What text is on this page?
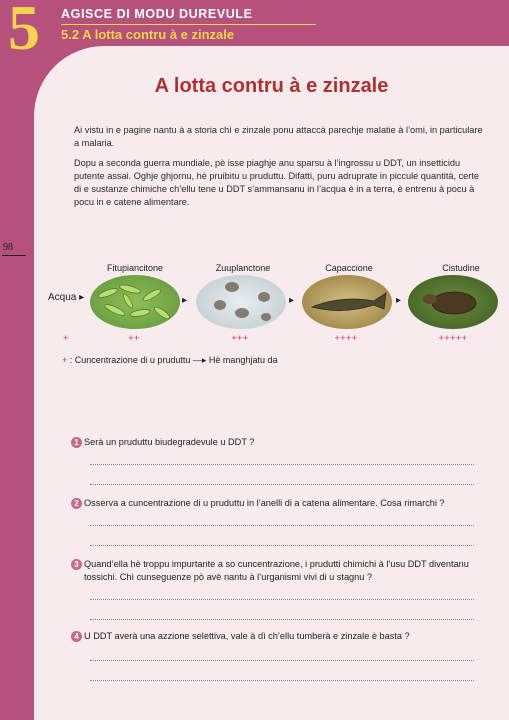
5 AGISCE DI MODU DUREVULE
5.2 A lotta contru à e zinzale
98
A lotta contru à e zinzale
Ai vistu in e pagine nantu à a storia chì e zinzale ponu attaccà parechje malatie à l’omi, in particulare a malaria.
Dopu a seconda guerra mundiale, pè isse piaghje anu sparsu à l’ingrossu u DDT, un insetticidu putente assai. Oghje ghjornu, hè pruibitu u pruduttu. Difatti, puru adruprate in piccule quantità, certe di e sustanze chimiche ch’ellu tene u DDT s’ammansanu in l’acqua è in a terra, è entrenu à pocu à pocu in e catene alimentare.
Fitupiancitone	Zuuplanctone	Capaccione	Cistudine
Acqua ▸	▸	▸	▸
+	++	+++	++++	+++++
+ : Cuncentrazione di u pruduttu —▸ Hè manghjatu da
1 Serà un pruduttu biudegradevule u DDT ?
2 Osserva a cuncentrazione di u pruduttu in l’anelli di a catena alimentare. Cosa rimarchi ?
3 Quand’ella hè troppu impurtante a so cuncentrazione, i prudutti chimichi à l’usu DDT diventanu tossichi. Chì cunseguenze pò avè nantu à l’urganismi vivi di u stagnu ?
4 U DDT averà una azzione selettiva, vale à dì ch’ellu tumberà e zinzale è basta ?
